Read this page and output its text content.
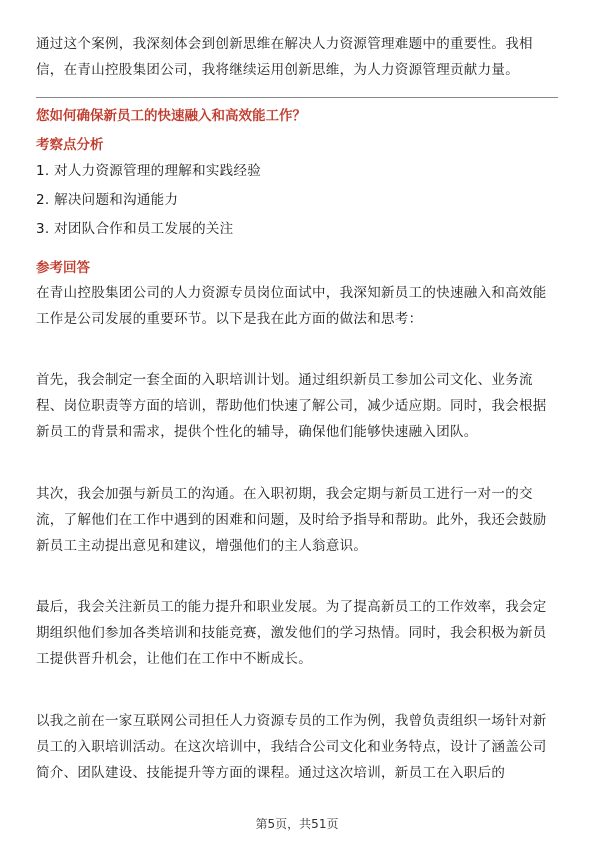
通过这个案例，我深刻体会到创新思维在解决人力资源管理难题中的重要性。我相信，在青山控股集团公司，我将继续运用创新思维，为人力资源管理贡献力量。

您如何确保新员工的快速融入和高效能工作？
考察点分析
1. 对人力资源管理的理解和实践经验
2. 解决问题和沟通能力
3. 对团队合作和员工发展的关注
参考回答

在青山控股集团公司的人力资源专员岗位面试中，我深知新员工的快速融入和高效能工作是公司发展的重要环节。以下是我在此方面的做法和思考：

首先，我会制定一套全面的入职培训计划。通过组织新员工参加公司文化、业务流程、岗位职责等方面的培训，帮助他们快速了解公司，减少适应期。同时，我会根据新员工的背景和需求，提供个性化的辅导，确保他们能够快速融入团队。

其次，我会加强与新员工的沟通。在入职初期，我会定期与新员工进行一对一的交流，了解他们在工作中遇到的困难和问题，及时给予指导和帮助。此外，我还会鼓励新员工主动提出意见和建议，增强他们的主人翁意识。

最后，我会关注新员工的能力提升和职业发展。为了提高新员工的工作效率，我会定期组织他们参加各类培训和技能竞赛，激发他们的学习热情。同时，我会积极为新员工提供晋升机会，让他们在工作中不断成长。

以我之前在一家互联网公司担任人力资源专员的工作为例，我曾负责组织一场针对新员工的入职培训活动。在这次培训中，我结合公司文化和业务特点，设计了涵盖公司简介、团队建设、技能提升等方面的课程。通过这次培训，新员工在入职后的

第5页，共51页
